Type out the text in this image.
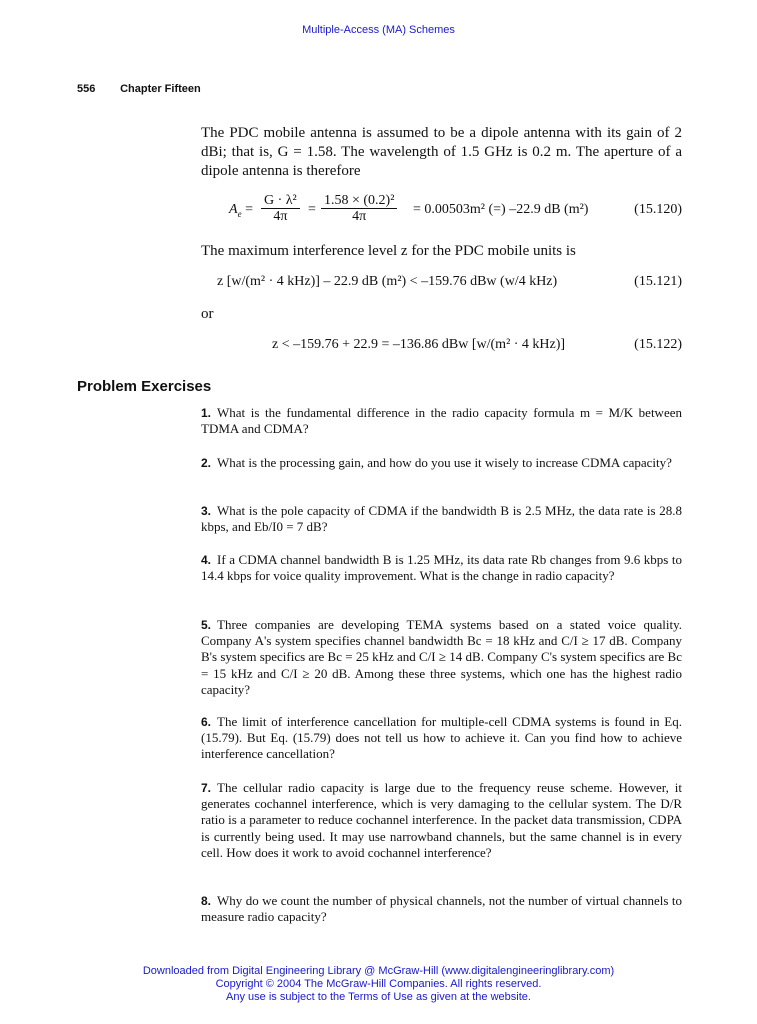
Multiple-Access (MA) Schemes
556 Chapter Fifteen
The PDC mobile antenna is assumed to be a dipole antenna with its gain of 2 dBi; that is, G = 1.58. The wavelength of 1.5 GHz is 0.2 m. The aperture of a dipole antenna is therefore
$A_e = \frac{\text{G · λ²}}{4\pi} = \frac{\text{1.58 × (0.2)²}}{4\pi} = 0.00503m^2$ (=) –22.9 dB (m²)	(15.120)
The maximum interference level z for the PDC mobile units is
z [w/(m² · 4 kHz)] – 22.9 dB (m²) < –159.76 dBw (w/4 kHz)	(15.121)
or
z < –159.76 + 22.9 = –136.86 dBw [w/(m² · 4 kHz)]	(15.122)
Problem Exercises
1. What is the fundamental difference in the radio capacity formula m = M/K between TDMA and CDMA?
2. What is the processing gain, and how do you use it wisely to increase CDMA capacity?
3. What is the pole capacity of CDMA if the bandwidth B is 2.5 MHz, the data rate is 28.8 kbps, and Eb/I0 = 7 dB?
4. If a CDMA channel bandwidth B is 1.25 MHz, its data rate Rb changes from 9.6 kbps to 14.4 kbps for voice quality improvement. What is the change in radio capacity?
5. Three companies are developing TEMA systems based on a stated voice quality. Company A's system specifies channel bandwidth Bc = 18 kHz and C/I ≥ 17 dB. Company B's system specifics are Bc = 25 kHz and C/I ≥ 14 dB. Company C's system specifics are Bc = 15 kHz and C/I ≥ 20 dB. Among these three systems, which one has the highest radio capacity?
6. The limit of interference cancellation for multiple-cell CDMA systems is found in Eq. (15.79). But Eq. (15.79) does not tell us how to achieve it. Can you find how to achieve interference cancellation?
7. The cellular radio capacity is large due to the frequency reuse scheme. However, it generates cochannel interference, which is very damaging to the cellular system. The D/R ratio is a parameter to reduce cochannel interference. In the packet data transmission, CDPA is currently being used. It may use narrowband channels, but the same channel is in every cell. How does it work to avoid cochannel interference?
8. Why do we count the number of physical channels, not the number of virtual channels to measure radio capacity?
Downloaded from Digital Engineering Library @ McGraw-Hill (www.digitalengineeringlibrary.com)
Copyright © 2004 The McGraw-Hill Companies. All rights reserved.
Any use is subject to the Terms of Use as given at the website.
